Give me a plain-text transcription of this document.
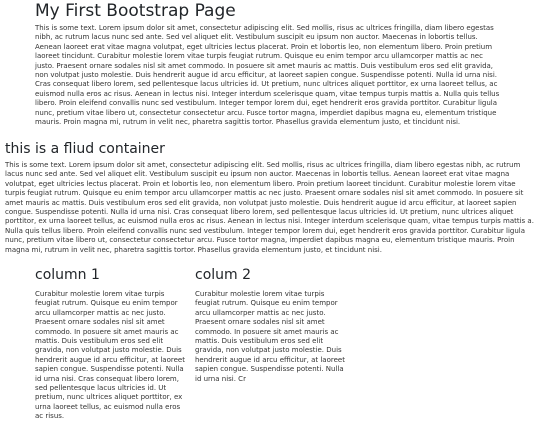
My First Bootstrap Page

This is some text. Lorem ipsum dolor sit amet, consectetur adipiscing elit. Sed mollis, risus ac ultrices fringilla, diam libero egestas nibh, ac rutrum lacus nunc sed ante. Sed vel aliquet elit. Vestibulum suscipit eu ipsum non auctor. Maecenas in lobortis tellus. Aenean laoreet erat vitae magna volutpat, eget ultricies lectus placerat. Proin et lobortis leo, non elementum libero. Proin pretium laoreet tincidunt. Curabitur molestie lorem vitae turpis feugiat rutrum. Quisque eu enim tempor arcu ullamcorper mattis ac nec justo. Praesent ornare sodales nisl sit amet commodo. In posuere sit amet mauris ac mattis. Duis vestibulum eros sed elit gravida, non volutpat justo molestie. Duis hendrerit augue id arcu efficitur, at laoreet sapien congue. Suspendisse potenti. Nulla id urna nisi. Cras consequat libero lorem, sed pellentesque lacus ultricies id. Ut pretium, nunc ultrices aliquet porttitor, ex urna laoreet tellus, ac euismod nulla eros ac risus. Aenean in lectus nisi. Integer interdum scelerisque quam, vitae tempus turpis mattis a. Nulla quis tellus libero. Proin eleifend convallis nunc sed vestibulum. Integer tempor lorem dui, eget hendrerit eros gravida porttitor. Curabitur ligula nunc, pretium vitae libero ut, consectetur consectetur arcu. Fusce tortor magna, imperdiet dapibus magna eu, elementum tristique mauris. Proin magna mi, rutrum in velit nec, pharetra sagittis tortor. Phasellus gravida elementum justo, et tincidunt nisi.

this is a fliud container

This is some text. Lorem ipsum dolor sit amet, consectetur adipiscing elit. Sed mollis, risus ac ultrices fringilla, diam libero egestas nibh, ac rutrum lacus nunc sed ante. Sed vel aliquet elit. Vestibulum suscipit eu ipsum non auctor. Maecenas in lobortis tellus. Aenean laoreet erat vitae magna volutpat, eget ultricies lectus placerat. Proin et lobortis leo, non elementum libero. Proin pretium laoreet tincidunt. Curabitur molestie lorem vitae turpis feugiat rutrum. Quisque eu enim tempor arcu ullamcorper mattis ac nec justo. Praesent ornare sodales nisl sit amet commodo. In posuere sit amet mauris ac mattis. Duis vestibulum eros sed elit gravida, non volutpat justo molestie. Duis hendrerit augue id arcu efficitur, at laoreet sapien congue. Suspendisse potenti. Nulla id urna nisi. Cras consequat libero lorem, sed pellentesque lacus ultricies id. Ut pretium, nunc ultrices aliquet porttitor, ex urna laoreet tellus, ac euismod nulla eros ac risus. Aenean in lectus nisi. Integer interdum scelerisque quam, vitae tempus turpis mattis a. Nulla quis tellus libero. Proin eleifend convallis nunc sed vestibulum. Integer tempor lorem dui, eget hendrerit eros gravida porttitor. Curabitur ligula nunc, pretium vitae libero ut, consectetur consectetur arcu. Fusce tortor magna, imperdiet dapibus magna eu, elementum tristique mauris. Proin magna mi, rutrum in velit nec, pharetra sagittis tortor. Phasellus gravida elementum justo, et tincidunt nisi.

column 1

Curabitur molestie lorem vitae turpis feugiat rutrum. Quisque eu enim tempor arcu ullamcorper mattis ac nec justo. Praesent ornare sodales nisl sit amet commodo. In posuere sit amet mauris ac mattis. Duis vestibulum eros sed elit gravida, non volutpat justo molestie. Duis hendrerit augue id arcu efficitur, at laoreet sapien congue. Suspendisse potenti. Nulla id urna nisi. Cras consequat libero lorem, sed pellentesque lacus ultricies id. Ut pretium, nunc ultrices aliquet porttitor, ex urna laoreet tellus, ac euismod nulla eros ac risus.

colum 2

Curabitur molestie lorem vitae turpis feugiat rutrum. Quisque eu enim tempor arcu ullamcorper mattis ac nec justo. Praesent ornare sodales nisl sit amet commodo. In posuere sit amet mauris ac mattis. Duis vestibulum eros sed elit gravida, non volutpat justo molestie. Duis hendrerit augue id arcu efficitur, at laoreet sapien congue. Suspendisse potenti. Nulla id urna nisi. Cr
